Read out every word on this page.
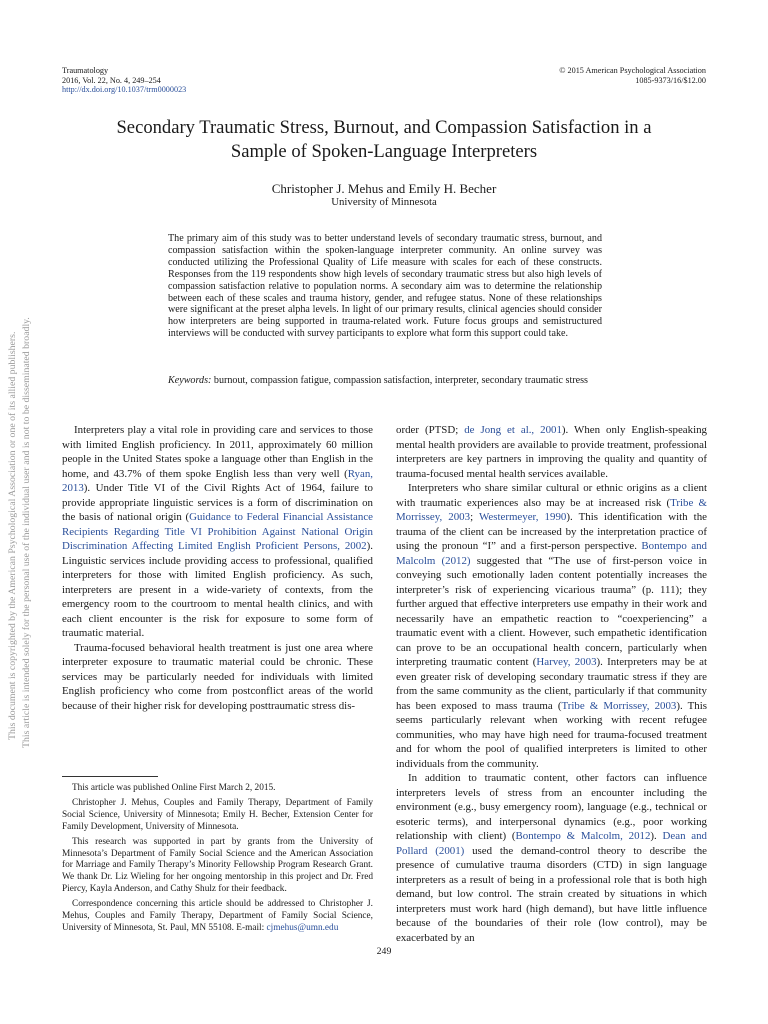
This document is copyrighted by the American Psychological Association or one of its allied publishers. This article is intended solely for the personal use of the individual user and is not to be disseminated broadly.
Traumatology
2016, Vol. 22, No. 4, 249–254
http://dx.doi.org/10.1037/trm0000023
© 2015 American Psychological Association
1085-9373/16/$12.00
Secondary Traumatic Stress, Burnout, and Compassion Satisfaction in a
Sample of Spoken-Language Interpreters
Christopher J. Mehus and Emily H. Becher
University of Minnesota
The primary aim of this study was to better understand levels of secondary traumatic stress, burnout, and compassion satisfaction within the spoken-language interpreter community. An online survey was conducted utilizing the Professional Quality of Life measure with scales for each of these constructs. Responses from the 119 respondents show high levels of secondary traumatic stress but also high levels of compassion satisfaction relative to population norms. A secondary aim was to determine the relationship between each of these scales and trauma history, gender, and refugee status. None of these relationships were significant at the preset alpha levels. In light of our primary results, clinical agencies should consider how interpreters are being supported in trauma-related work. Future focus groups and semistructured interviews will be conducted with survey participants to explore what form this support could take.
Keywords: burnout, compassion fatigue, compassion satisfaction, interpreter, secondary traumatic stress

Interpreters play a vital role in providing care and services to those with limited English proficiency. In 2011, approximately 60 million people in the United States spoke a language other than English in the home, and 43.7% of them spoke English less than very well (Ryan, 2013). Under Title VI of the Civil Rights Act of 1964, failure to provide appropriate linguistic services is a form of discrimination on the basis of national origin (Guidance to Federal Financial Assistance Recipients Regarding Title VI Prohibition Against National Origin Discrimination Affecting Limited English Proficient Persons, 2002). Linguistic services include providing access to professional, qualified interpreters for those with limited English proficiency. As such, interpreters are present in a wide-variety of contexts, from the emergency room to the courtroom to mental health clinics, and with each client encounter is the risk for exposure to some form of traumatic material.

Trauma-focused behavioral health treatment is just one area where interpreter exposure to traumatic material could be chronic. These services may be particularly needed for individuals with limited English proficiency who come from postconflict areas of the world because of their higher risk for developing posttraumatic stress dis-

This article was published Online First March 2, 2015.

Christopher J. Mehus, Couples and Family Therapy, Department of Family Social Science, University of Minnesota; Emily H. Becher, Extension Center for Family Development, University of Minnesota.

This research was supported in part by grants from the University of Minnesota’s Department of Family Social Science and the American Association for Marriage and Family Therapy’s Minority Fellowship Program Research Grant. We thank Dr. Liz Wieling for her ongoing mentorship in this project and Dr. Fred Piercy, Kayla Anderson, and Cathy Shulz for their feedback.

Correspondence concerning this article should be addressed to Christopher J. Mehus, Couples and Family Therapy, Department of Family Social Science, University of Minnesota, St. Paul, MN 55108. E-mail: cjmehus@umn.edu

order (PTSD; de Jong et al., 2001). When only English-speaking mental health providers are available to provide treatment, professional interpreters are key partners in improving the quality and quantity of trauma-focused mental health services available.

Interpreters who share similar cultural or ethnic origins as a client with traumatic experiences also may be at increased risk (Tribe & Morrissey, 2003; Westermeyer, 1990). This identification with the trauma of the client can be increased by the interpretation practice of using the pronoun “I” and a first-person perspective. Bontempo and Malcolm (2012) suggested that “The use of first-person voice in conveying such emotionally laden content potentially increases the interpreter’s risk of experiencing vicarious trauma” (p. 111); they further argued that effective interpreters use empathy in their work and necessarily have an empathetic reaction to “coexperiencing” a traumatic event with a client. However, such empathetic identification can prove to be an occupational health concern, particularly when interpreting traumatic content (Harvey, 2003). Interpreters may be at even greater risk of developing secondary traumatic stress if they are from the same community as the client, particularly if that community has been exposed to mass trauma (Tribe & Morrissey, 2003). This seems particularly relevant when working with recent refugee communities, who may have high need for trauma-focused treatment and for whom the pool of qualified interpreters is limited to other individuals from the community.

In addition to traumatic content, other factors can influence interpreters levels of stress from an encounter including the environment (e.g., busy emergency room), language (e.g., technical or esoteric terms), and interpersonal dynamics (e.g., poor working relationship with client) (Bontempo & Malcolm, 2012). Dean and Pollard (2001) used the demand-control theory to describe the presence of cumulative trauma disorders (CTD) in sign language interpreters as a result of being in a professional role that is both high demand, but low control. The strain created by situations in which interpreters must work hard (high demand), but have little influence because of the boundaries of their role (low control), may be exacerbated by an

249
